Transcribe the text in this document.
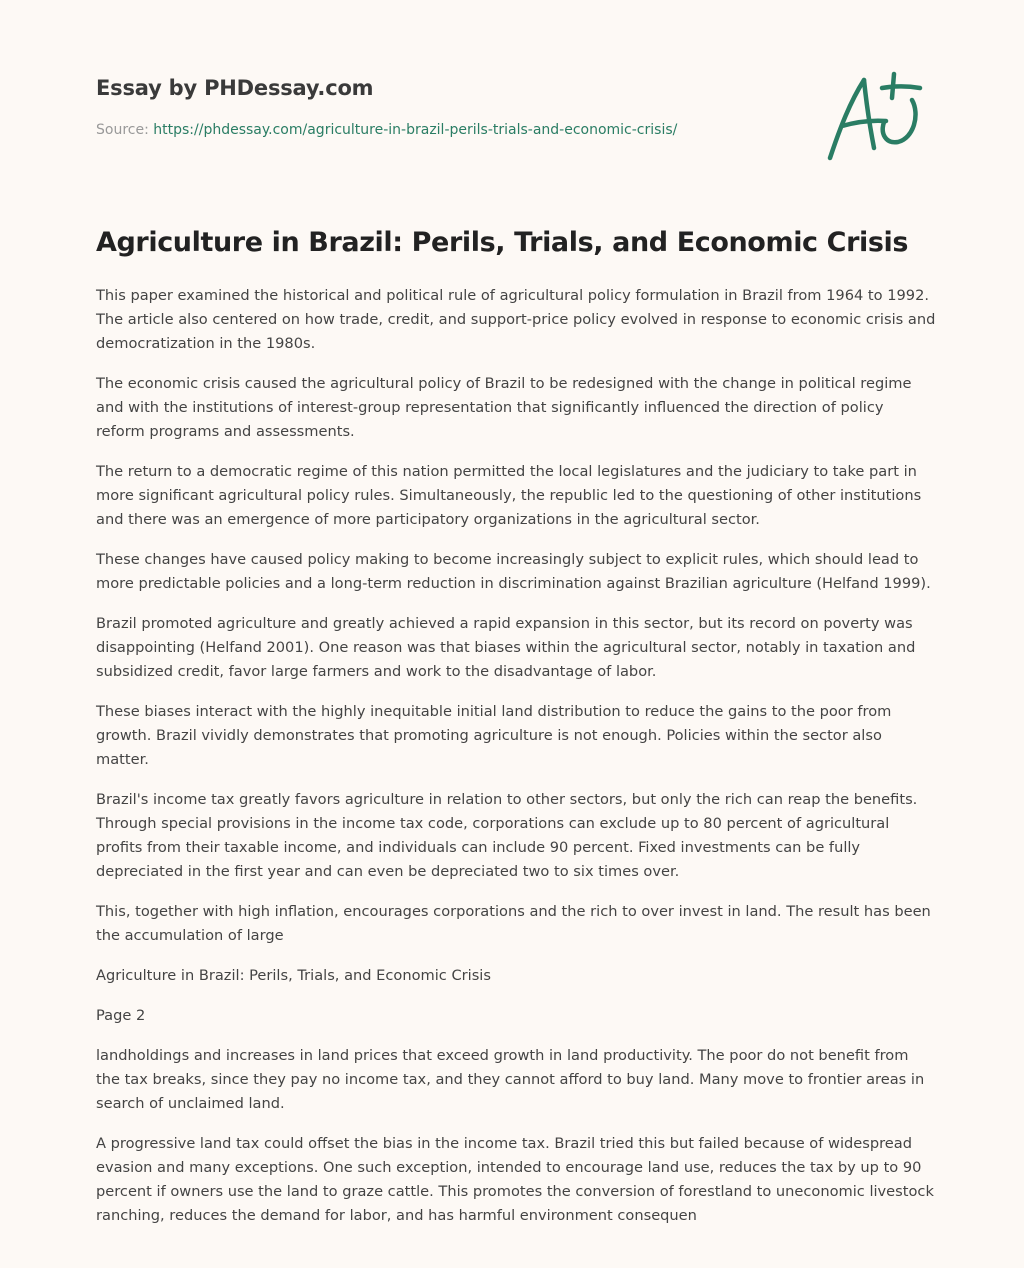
Essay by PHDessay.com
Source: https://phdessay.com/agriculture-in-brazil-perils-trials-and-economic-crisis/
Agriculture in Brazil: Perils, Trials, and Economic Crisis

This paper examined the historical and political rule of agricultural policy formulation in Brazil from 1964 to 1992. The article also centered on how trade, credit, and support-price policy evolved in response to economic crisis and democratization in the 1980s.

The economic crisis caused the agricultural policy of Brazil to be redesigned with the change in political regime and with the institutions of interest-group representation that significantly influenced the direction of policy reform programs and assessments.

The return to a democratic regime of this nation permitted the local legislatures and the judiciary to take part in more significant agricultural policy rules. Simultaneously, the republic led to the questioning of other institutions and there was an emergence of more participatory organizations in the agricultural sector.

These changes have caused policy making to become increasingly subject to explicit rules, which should lead to more predictable policies and a long-term reduction in discrimination against Brazilian agriculture (Helfand 1999).

Brazil promoted agriculture and greatly achieved a rapid expansion in this sector, but its record on poverty was disappointing (Helfand 2001). One reason was that biases within the agricultural sector, notably in taxation and subsidized credit, favor large farmers and work to the disadvantage of labor.

These biases interact with the highly inequitable initial land distribution to reduce the gains to the poor from growth. Brazil vividly demonstrates that promoting agriculture is not enough. Policies within the sector also matter.

Brazil's income tax greatly favors agriculture in relation to other sectors, but only the rich can reap the benefits. Through special provisions in the income tax code, corporations can exclude up to 80 percent of agricultural profits from their taxable income, and individuals can include 90 percent. Fixed investments can be fully depreciated in the first year and can even be depreciated two to six times over.

This, together with high inflation, encourages corporations and the rich to over invest in land. The result has been the accumulation of large

Agriculture in Brazil: Perils, Trials, and Economic Crisis

Page 2

landholdings and increases in land prices that exceed growth in land productivity. The poor do not benefit from the tax breaks, since they pay no income tax, and they cannot afford to buy land. Many move to frontier areas in search of unclaimed land.

A progressive land tax could offset the bias in the income tax. Brazil tried this but failed because of widespread evasion and many exceptions. One such exception, intended to encourage land use, reduces the tax by up to 90 percent if owners use the land to graze cattle. This promotes the conversion of forestland to uneconomic livestock ranching, reduces the demand for labor, and has harmful environment consequen
